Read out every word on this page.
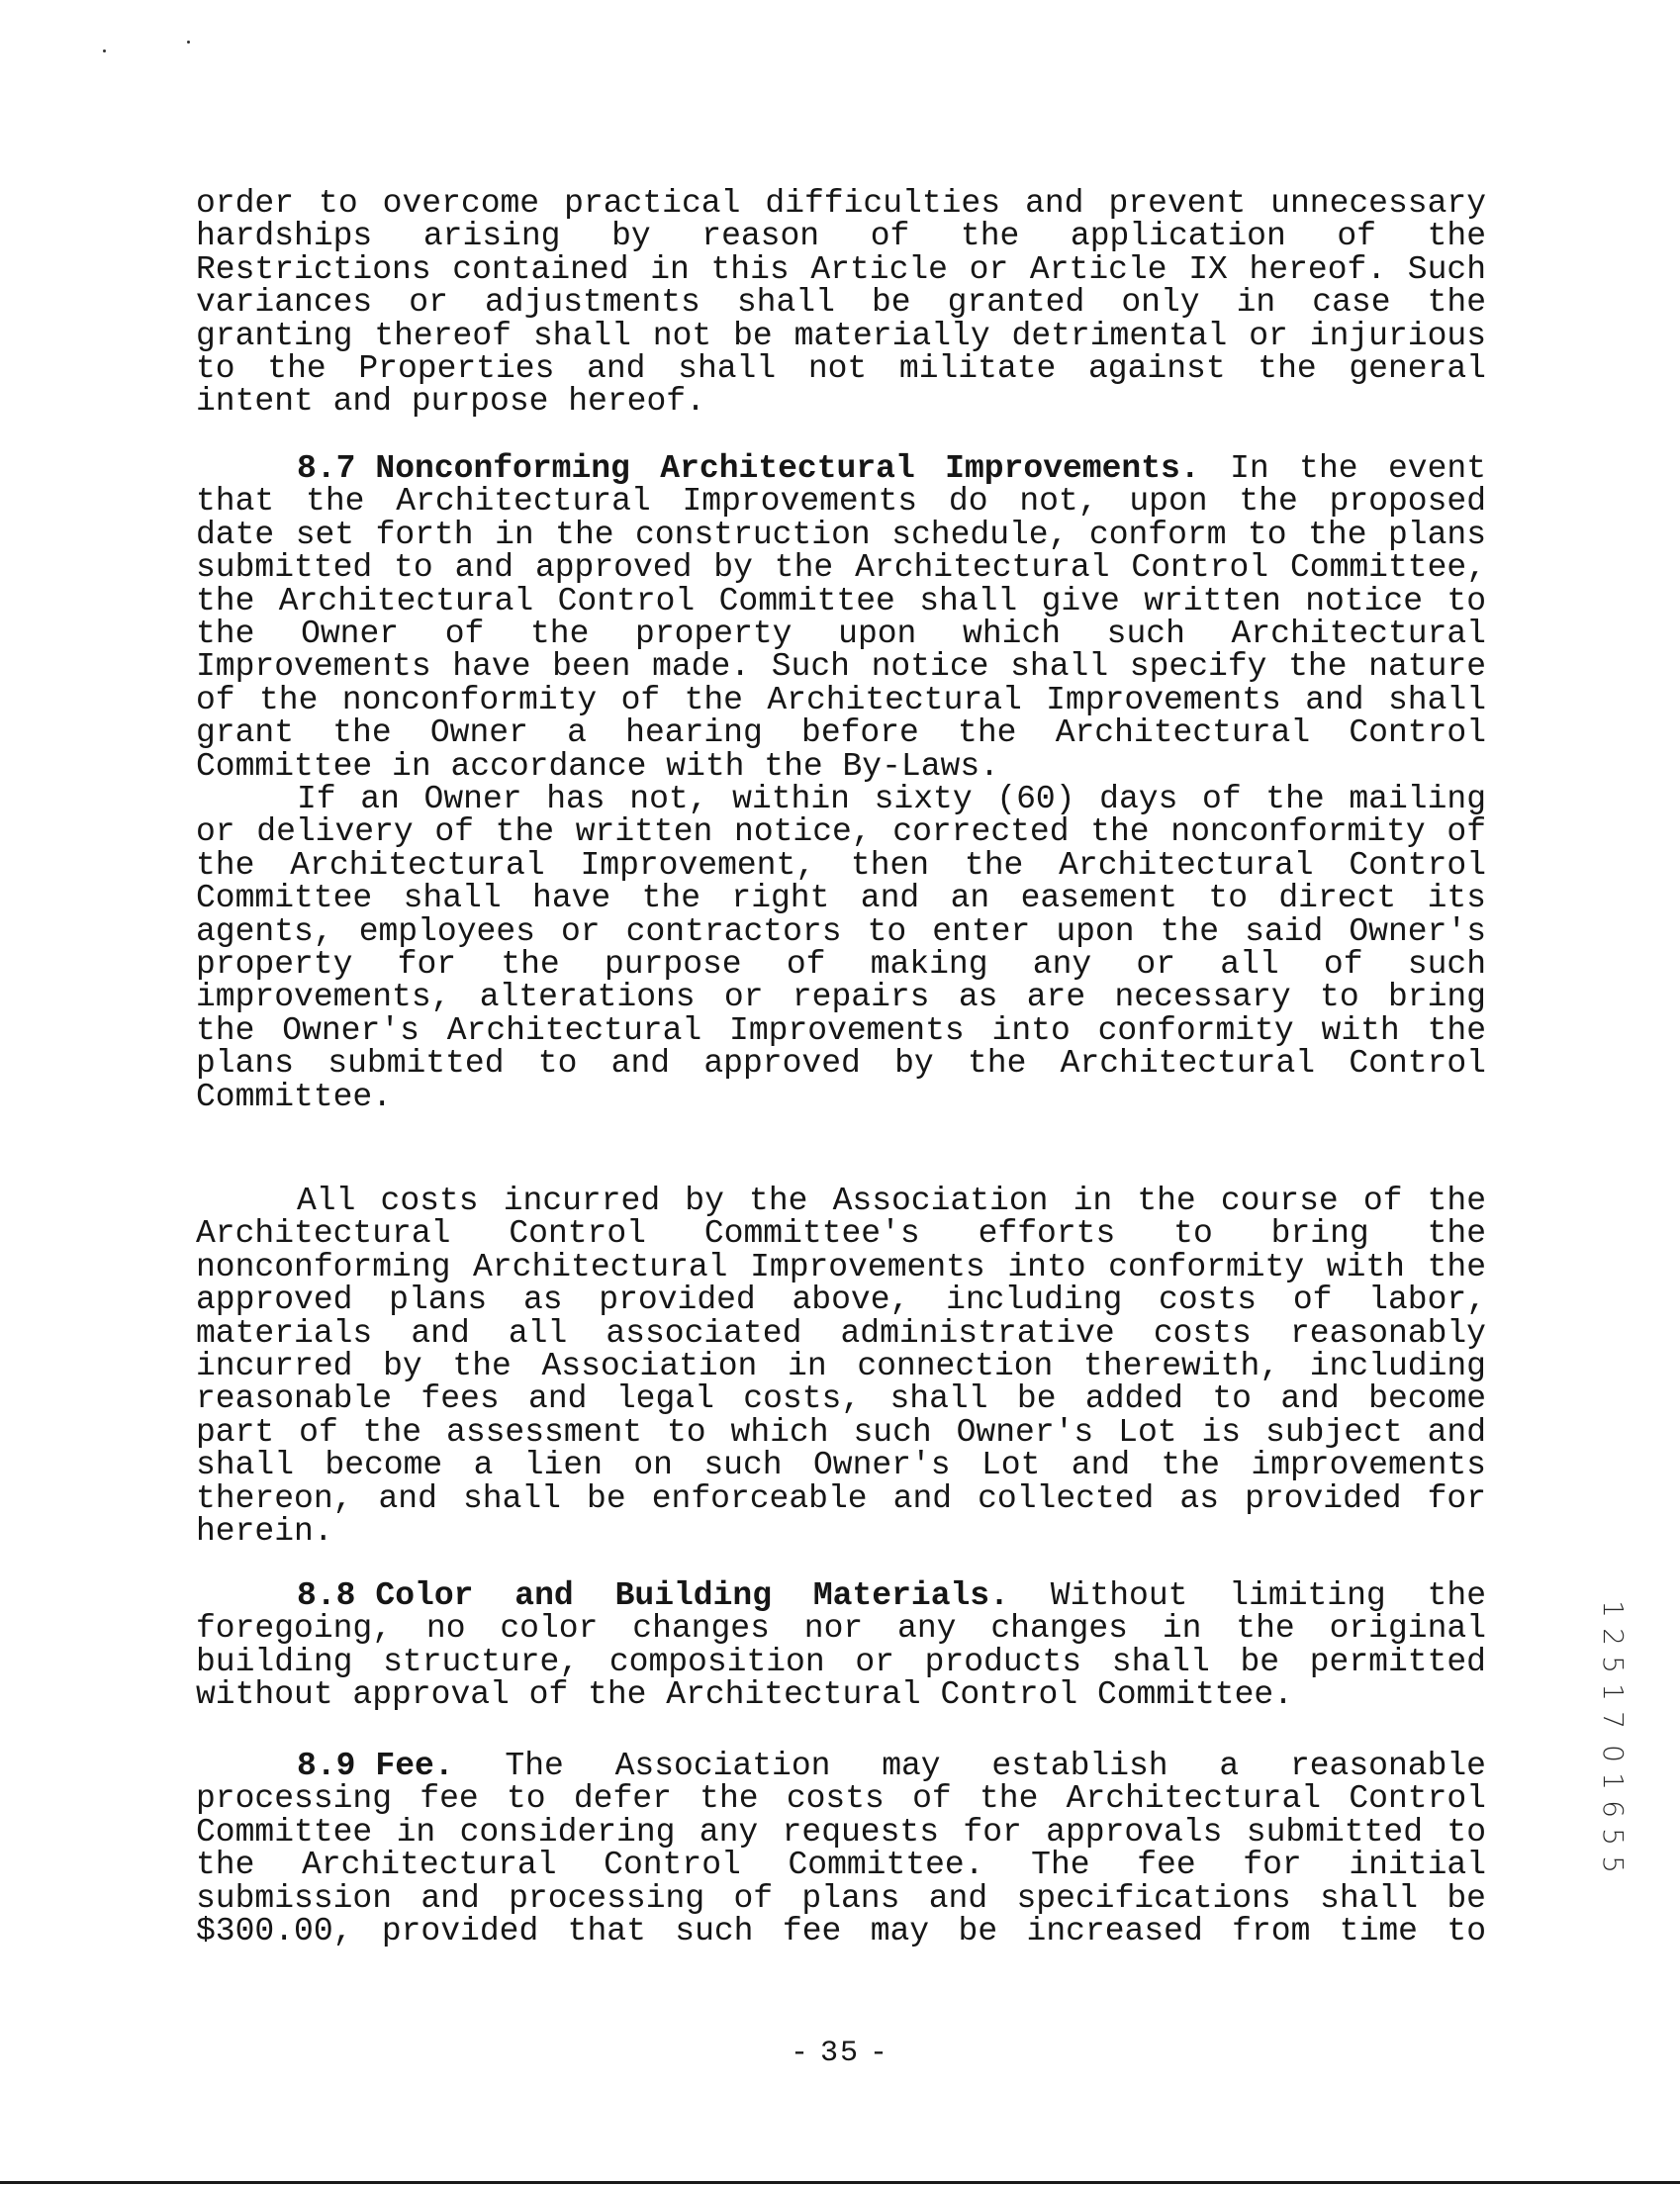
order to overcome practical difficulties and prevent unnecessary hardships arising by reason of the application of the Restrictions contained in this Article or Article IX hereof. Such variances or adjustments shall be granted only in case the granting thereof shall not be materially detrimental or injurious to the Properties and shall not militate against the general intent and purpose hereof.

8.7 Nonconforming Architectural Improvements. In the event that the Architectural Improvements do not, upon the proposed date set forth in the construction schedule, conform to the plans submitted to and approved by the Architectural Control Committee, the Architectural Control Committee shall give written notice to the Owner of the property upon which such Architectural Improvements have been made. Such notice shall specify the nature of the nonconformity of the Architectural Improvements and shall grant the Owner a hearing before the Architectural Control Committee in accordance with the By-Laws.

If an Owner has not, within sixty (60) days of the mailing or delivery of the written notice, corrected the nonconformity of the Architectural Improvement, then the Architectural Control Committee shall have the right and an easement to direct its agents, employees or contractors to enter upon the said Owner's property for the purpose of making any or all of such improvements, alterations or repairs as are necessary to bring the Owner's Architectural Improvements into conformity with the plans submitted to and approved by the Architectural Control Committee.

All costs incurred by the Association in the course of the Architectural Control Committee's efforts to bring the nonconforming Architectural Improvements into conformity with the approved plans as provided above, including costs of labor, materials and all associated administrative costs reasonably incurred by the Association in connection therewith, including reasonable fees and legal costs, shall be added to and become part of the assessment to which such Owner's Lot is subject and shall become a lien on such Owner's Lot and the improvements thereon, and shall be enforceable and collected as provided for herein.

8.8 Color and Building Materials. Without limiting the foregoing, no color changes nor any changes in the original building structure, composition or products shall be permitted without approval of the Architectural Control Committee.

8.9 Fee. The Association may establish a reasonable processing fee to defer the costs of the Architectural Control Committee in considering any requests for approvals submitted to the Architectural Control Committee. The fee for initial submission and processing of plans and specifications shall be $300.00, provided that such fee may be increased from time to

- 35 -
1
2
5
1
7
0
1
6
5
5
